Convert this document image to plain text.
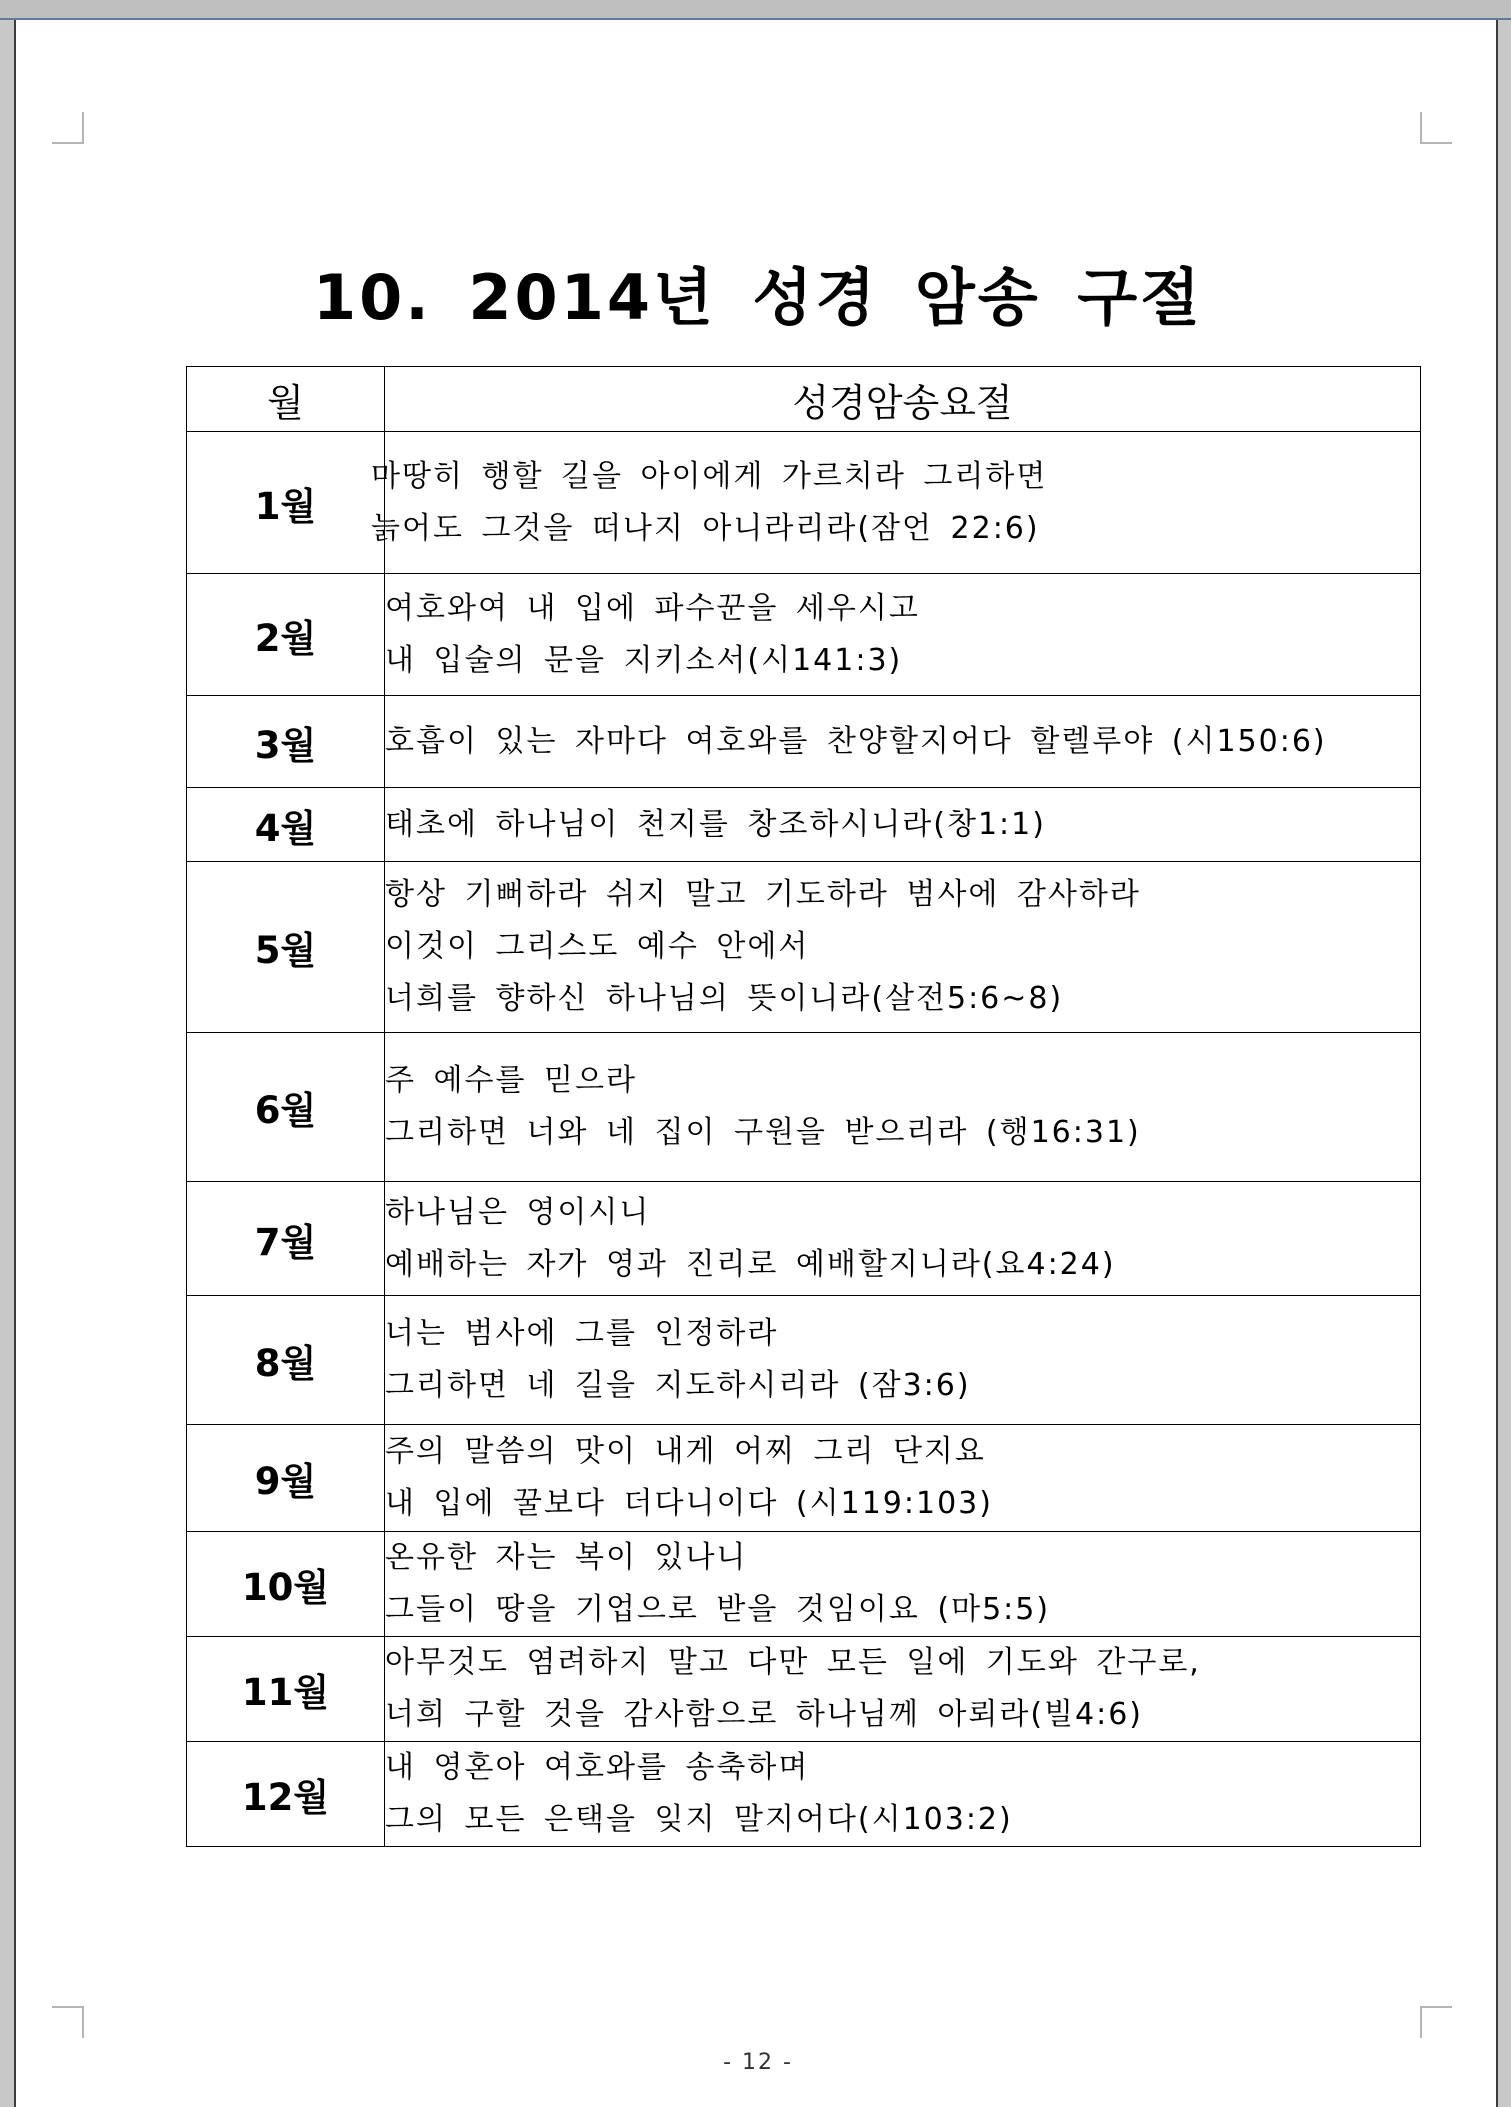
10. 2014년 성경 암송 구절
월	성경암송요절
1월	마땅히 행할 길을 아이에게 가르치라 그리하면
늙어도 그것을 떠나지 아니라리라(잠언 22:6)

2월	여호와여 내 입에 파수꾼을 세우시고
내 입술의 문을 지키소서(시141:3)

3월	호흡이 있는 자마다 여호와를 찬양할지어다 할렐루야 (시150:6)

4월	태초에 하나님이 천지를 창조하시니라(창1:1)

5월	항상 기뻐하라 쉬지 말고 기도하라 범사에 감사하라
이것이 그리스도 예수 안에서
너희를 향하신 하나님의 뜻이니라(살전5:6~8)

6월	주 예수를 믿으라
그리하면 너와 네 집이 구원을 받으리라 (행16:31)

7월	하나님은 영이시니
예배하는 자가 영과 진리로 예배할지니라(요4:24)

8월	너는 범사에 그를 인정하라
그리하면 네 길을 지도하시리라 (잠3:6)

9월	주의 말씀의 맛이 내게 어찌 그리 단지요
내 입에 꿀보다 더다니이다 (시119:103)

10월	온유한 자는 복이 있나니
그들이 땅을 기업으로 받을 것임이요 (마5:5)

11월	아무것도 염려하지 말고 다만 모든 일에 기도와 간구로,
너희 구할 것을 감사함으로 하나님께 아뢰라(빌4:6)

12월	내 영혼아 여호와를 송축하며
그의 모든 은택을 잊지 말지어다(시103:2)
- 12 -
